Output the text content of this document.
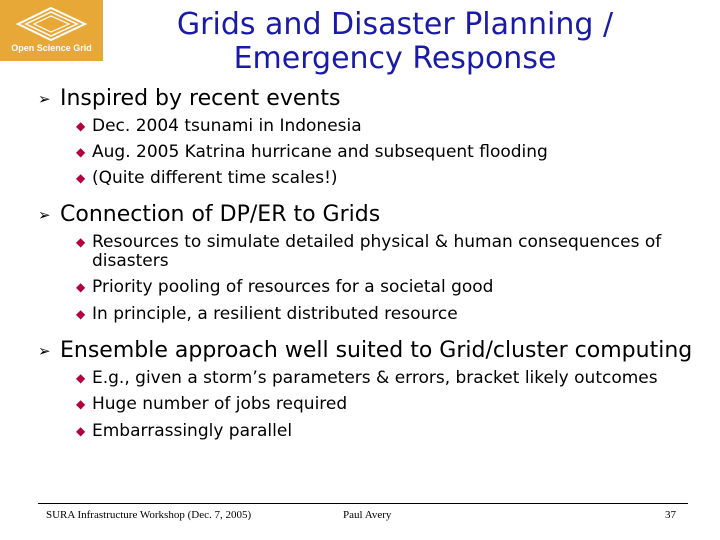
Open Science Grid
Grids and Disaster Planning /
Emergency Response
➢ Inspired by recent events
◆ Dec. 2004 tsunami in Indonesia
◆ Aug. 2005 Katrina hurricane and subsequent flooding
◆ (Quite different time scales!)
➢ Connection of DP/ER to Grids
◆ Resources to simulate detailed physical & human consequences of
disasters
◆ Priority pooling of resources for a societal good
◆ In principle, a resilient distributed resource
➢ Ensemble approach well suited to Grid/cluster computing
◆ E.g., given a storm’s parameters & errors, bracket likely outcomes
◆ Huge number of jobs required
◆ Embarrassingly parallel
SURA Infrastructure Workshop (Dec. 7, 2005)	Paul Avery	37
